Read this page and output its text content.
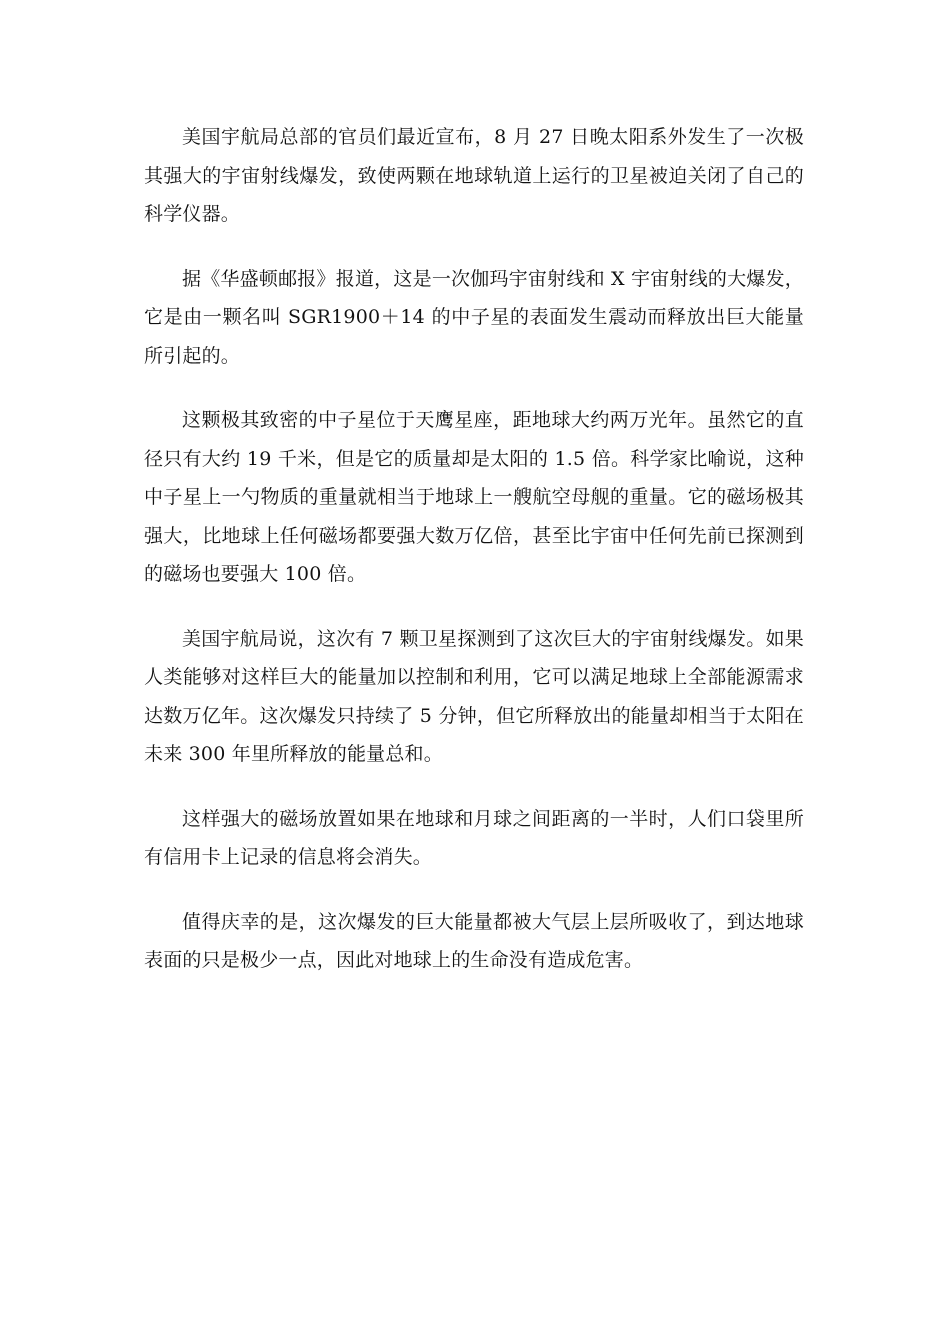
美国宇航局总部的官员们最近宣布，8 月 27 日晚太阳系外发生了一次极其强大的宇宙射线爆发，致使两颗在地球轨道上运行的卫星被迫关闭了自己的科学仪器。

据《华盛顿邮报》报道，这是一次伽玛宇宙射线和 X 宇宙射线的大爆发，它是由一颗名叫 SGR1900＋14 的中子星的表面发生震动而释放出巨大能量所引起的。

这颗极其致密的中子星位于天鹰星座，距地球大约两万光年。虽然它的直径只有大约 19 千米，但是它的质量却是太阳的 1.5 倍。科学家比喻说，这种中子星上一勺物质的重量就相当于地球上一艘航空母舰的重量。它的磁场极其强大，比地球上任何磁场都要强大数万亿倍，甚至比宇宙中任何先前已探测到的磁场也要强大 100 倍。

美国宇航局说，这次有 7 颗卫星探测到了这次巨大的宇宙射线爆发。如果人类能够对这样巨大的能量加以控制和利用，它可以满足地球上全部能源需求达数万亿年。这次爆发只持续了 5 分钟，但它所释放出的能量却相当于太阳在未来 300 年里所释放的能量总和。

这样强大的磁场放置如果在地球和月球之间距离的一半时，人们口袋里所有信用卡上记录的信息将会消失。

值得庆幸的是，这次爆发的巨大能量都被大气层上层所吸收了，到达地球表面的只是极少一点，因此对地球上的生命没有造成危害。
